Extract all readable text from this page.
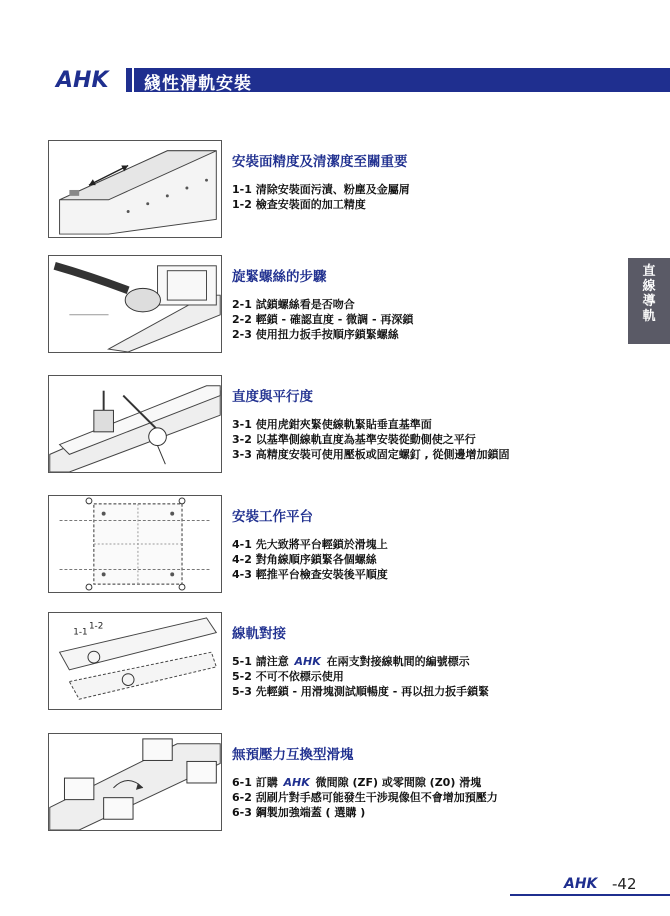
AHK 綫性滑軌安裝
直線導軌
安裝面精度及清潔度至關重要
1-1 清除安裝面污漬、粉塵及金屬屑
1-2 檢查安裝面的加工精度
旋緊螺絲的步驟
2-1 試鎖螺絲看是否吻合
2-2 輕鎖 - 確認直度 - 微調 - 再深鎖
2-3 使用扭力扳手按順序鎖緊螺絲
直度與平行度
3-1 使用虎鉗夾緊使線軌緊貼垂直基準面
3-2 以基準側線軌直度為基準安裝從動側使之平行
3-3 高精度安裝可使用壓板或固定螺釘 , 從側邊增加鎖固
安裝工作平台
4-1 先大致將平台輕鎖於滑塊上
4-2 對角線順序鎖緊各個螺絲
4-3 輕推平台檢查安裝後平順度
1-1
1-2	線軌對接
5-1 請注意 AHK 在兩支對接線軌間的編號標示
5-2 不可不依標示使用
5-3 先輕鎖 - 用滑塊測試順暢度 - 再以扭力扳手鎖緊
無預壓力互換型滑塊
6-1 訂購 AHK 微間隙 (ZF) 或零間隙 (Z0) 滑塊
6-2 刮刷片對手感可能發生干涉現像但不會增加預壓力
6-3 鋼製加強端蓋 ( 選購 )
AHK -42
